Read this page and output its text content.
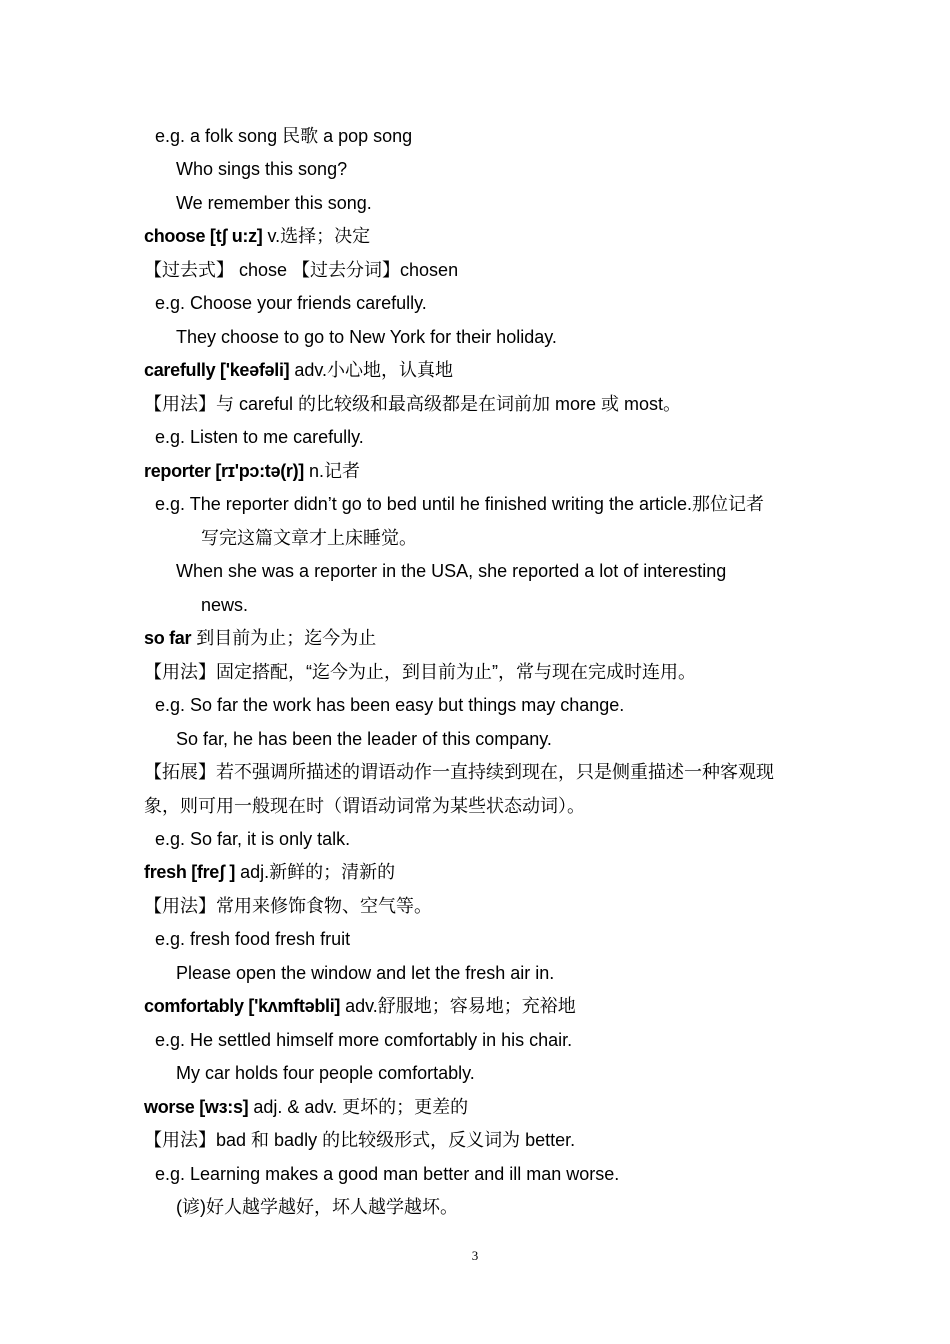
e.g. a folk song 民歌 a pop song
Who sings this song?
We remember this song.
choose [tʃ u:z] v.选择；决定
【过去式】 chose 【过去分词】chosen
e.g. Choose your friends carefully.
They choose to go to New York for their holiday.
carefully ['keəfəli] adv.小心地，认真地
【用法】与 careful 的比较级和最高级都是在词前加 more 或 most。
e.g. Listen to me carefully.
reporter [rɪ'pɔ:tə(r)] n.记者
e.g. The reporter didn’t go to bed until he finished writing the article.那位记者
写完这篇文章才上床睡觉。
When she was a reporter in the USA, she reported a lot of interesting
news.
so far 到目前为止；迄今为止
【用法】固定搭配，“迄今为止，到目前为止”，常与现在完成时连用。
e.g. So far the work has been easy but things may change.
So far, he has been the leader of this company.
【拓展】若不强调所描述的谓语动作一直持续到现在，只是侧重描述一种客观现
象，则可用一般现在时（谓语动词常为某些状态动词）。
e.g. So far, it is only talk.
fresh [freʃ ] adj.新鲜的；清新的
【用法】常用来修饰食物、空气等。
e.g. fresh food fresh fruit
Please open the window and let the fresh air in.
comfortably ['kʌmftəbli] adv.舒服地；容易地；充裕地
e.g. He settled himself more comfortably in his chair.
My car holds four people comfortably.
worse [wɜ:s] adj. & adv. 更坏的；更差的
【用法】bad 和 badly 的比较级形式，反义词为 better.
e.g. Learning makes a good man better and ill man worse.
(谚)好人越学越好，坏人越学越坏。
3
